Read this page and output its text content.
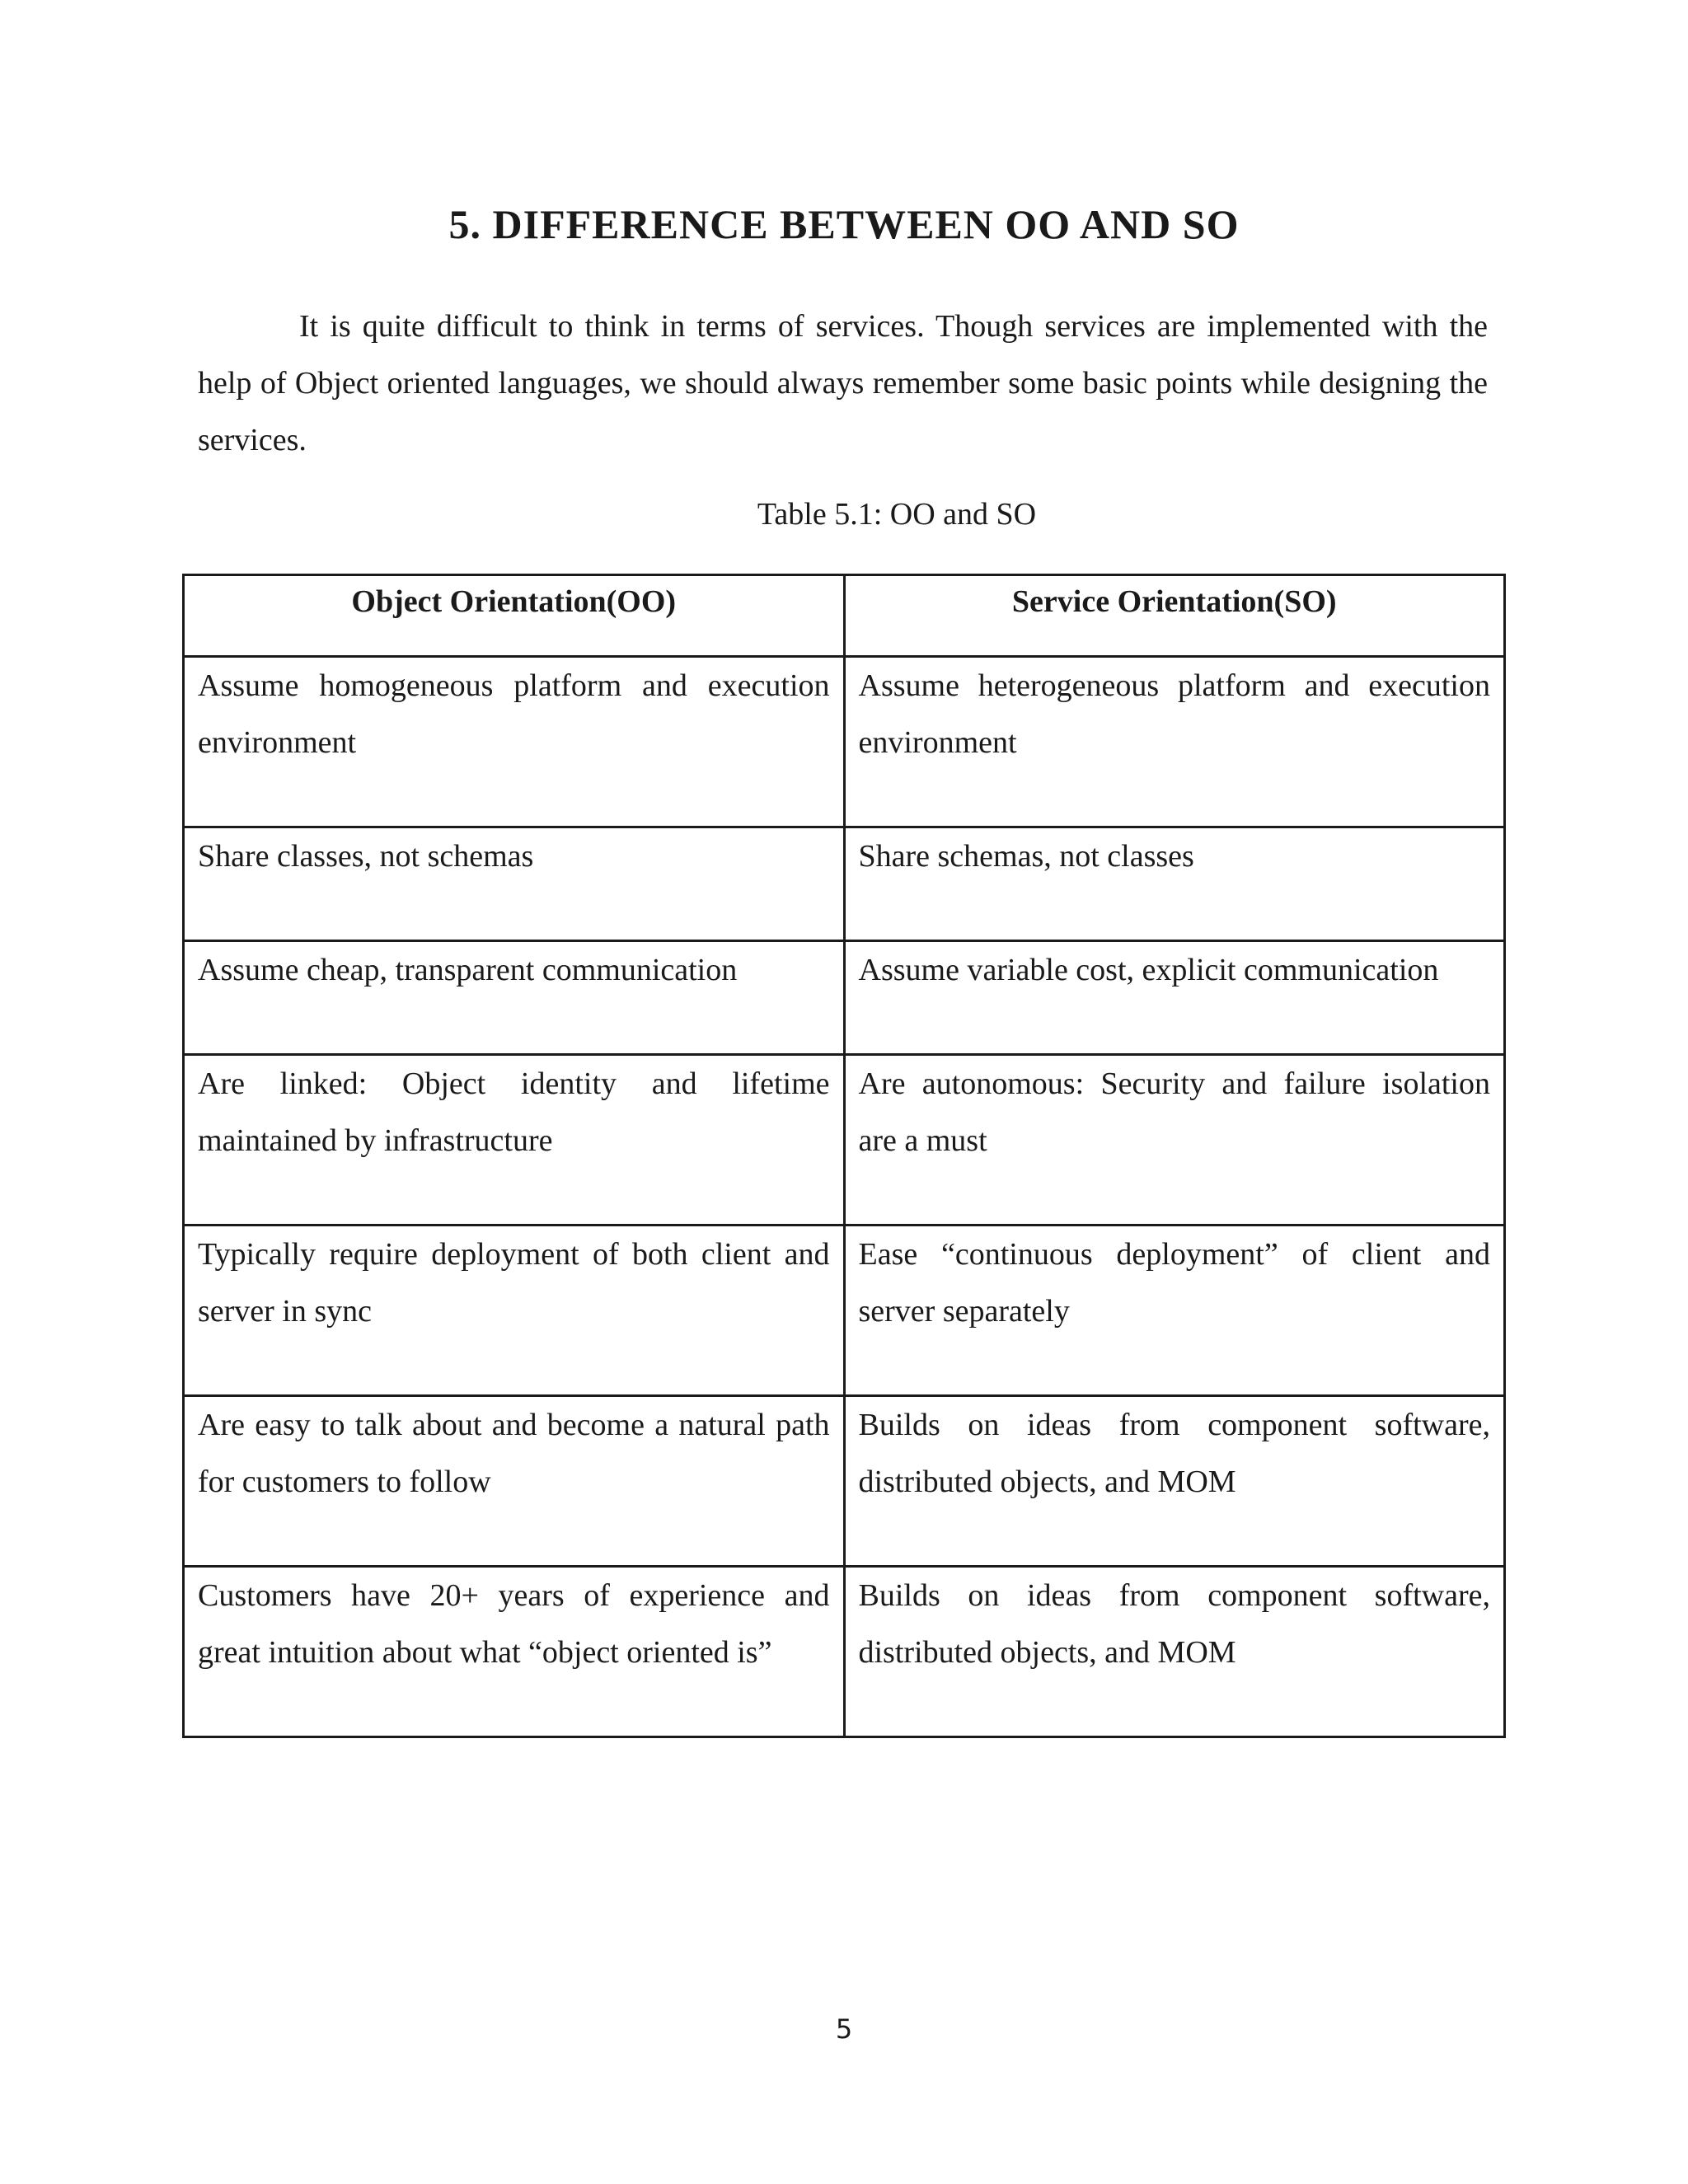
5. DIFFERENCE BETWEEN OO AND SO

It is quite difficult to think in terms of services. Though services are implemented with the help of Object oriented languages, we should always remember some basic points while designing the services.

Table 5.1: OO and SO
Object Orientation(OO)	Service Orientation(SO)
Assume homogeneous platform and execution environment	Assume heterogeneous platform and execution environment
Share classes, not schemas	Share schemas, not classes
Assume cheap, transparent communication	Assume variable cost, explicit communication
Are linked: Object identity and lifetime maintained by infrastructure	Are autonomous: Security and failure isolation are a must
Typically require deployment of both client and server in sync	Ease “continuous deployment” of client and server separately
Are easy to talk about and become a natural path for customers to follow	Builds on ideas from component software, distributed objects, and MOM
Customers have 20+ years of experience and great intuition about what “object oriented is”	Builds on ideas from component software, distributed objects, and MOM
5
